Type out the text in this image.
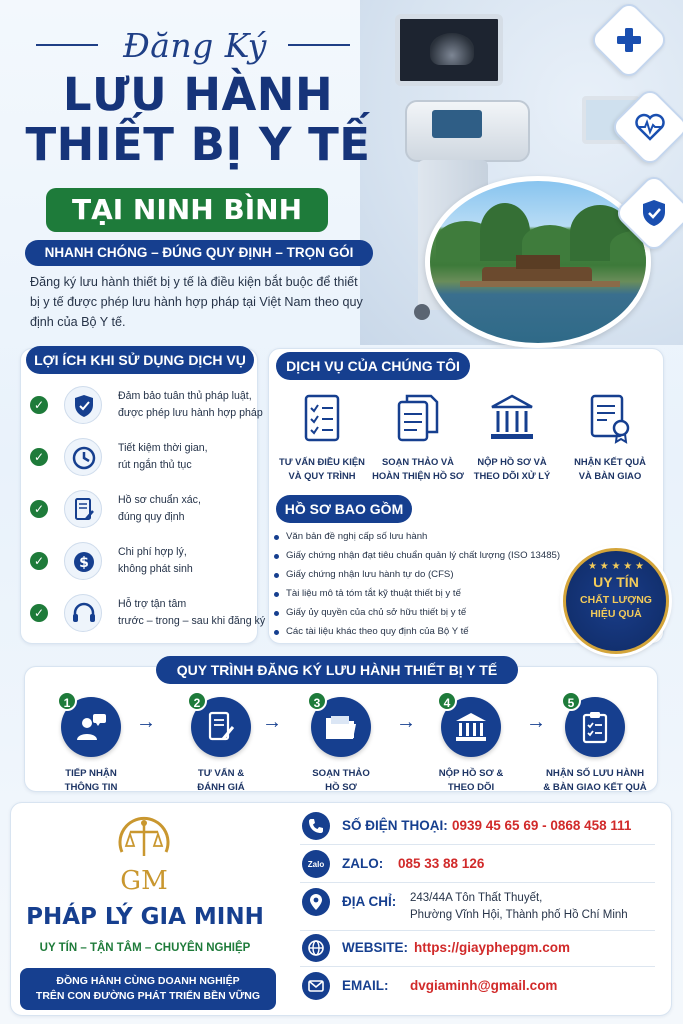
Đăng Ký
LƯU HÀNH
THIẾT BỊ Y TẾ
TẠI NINH BÌNH
NHANH CHÓNG – ĐÚNG QUY ĐỊNH – TRỌN GÓI
Đăng ký lưu hành thiết bị y tế là điều kiện bắt buộc để thiết bị y tế được phép lưu hành hợp pháp tại Việt Nam theo quy định của Bộ Y tế.
LỢI ÍCH KHI SỬ DỤNG DỊCH VỤ
✓
Đảm bảo tuân thủ pháp luật,
được phép lưu hành hợp pháp
✓
Tiết kiệm thời gian,
rút ngắn thủ tục
✓
Hồ sơ chuẩn xác,
đúng quy định
✓	$
Chi phí hợp lý,
không phát sinh
✓
Hỗ trợ tận tâm
trước – trong – sau khi đăng ký
DỊCH VỤ CỦA CHÚNG TÔI
TƯ VẤN ĐIỀU KIỆN
VÀ QUY TRÌNH
SOẠN THẢO VÀ
HOÀN THIỆN HỒ SƠ
NỘP HỒ SƠ VÀ
THEO DÕI XỬ LÝ
NHẬN KẾT QUẢ
VÀ BÀN GIAO
HỒ SƠ BAO GỒM
Văn bản đề nghị cấp số lưu hành
Giấy chứng nhận đạt tiêu chuẩn quản lý chất lượng (ISO 13485)
Giấy chứng nhận lưu hành tự do (CFS)
Tài liệu mô tả tóm tắt kỹ thuật thiết bị y tế
Giấy ủy quyền của chủ sở hữu thiết bị y tế
Các tài liệu khác theo quy định của Bộ Y tế
★ ★ ★ ★ ★
UY TÍN
CHẤT LƯỢNG
HIỆU QUẢ
QUY TRÌNH ĐĂNG KÝ LƯU HÀNH THIẾT BỊ Y TẾ
1
TIẾP NHẬN
THÔNG TIN
→
2
TƯ VẤN &
ĐÁNH GIÁ
→
3
SOẠN THẢO
HỒ SƠ
→
4
NỘP HỒ SƠ &
THEO DÕI
→
5
NHẬN SỐ LƯU HÀNH
& BÀN GIAO KẾT QUẢ
GM
PHÁP LÝ GIA MINH
UY TÍN – TẬN TÂM – CHUYÊN NGHIỆP
ĐỒNG HÀNH CÙNG DOANH NGHIỆP
TRÊN CON ĐƯỜNG PHÁT TRIỂN BỀN VỮNG
SỐ ĐIỆN THOẠI: 0939 45 65 69 - 0868 458 111
Zalo ZALO: 085 33 88 126
ĐỊA CHỈ: 243/44A Tôn Thất Thuyết,
Phường Vĩnh Hội, Thành phố Hồ Chí Minh
WEBSITE: https://giayphepgm.com
EMAIL: dvgiaminh@gmail.com
